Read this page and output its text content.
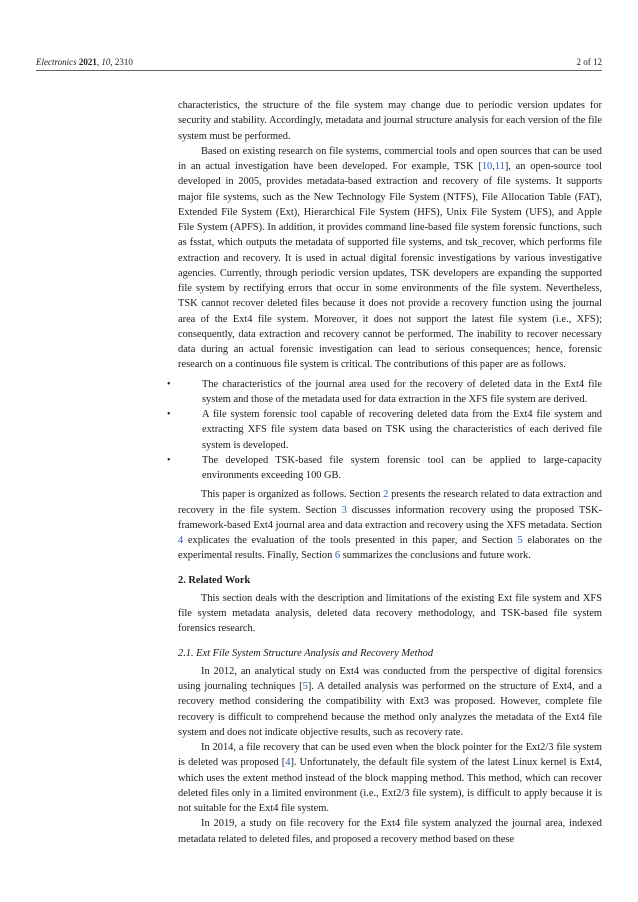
Electronics 2021, 10, 2310	2 of 12

characteristics, the structure of the file system may change due to periodic version updates for security and stability. Accordingly, metadata and journal structure analysis for each version of the file system must be performed.

Based on existing research on file systems, commercial tools and open sources that can be used in an actual investigation have been developed. For example, TSK [10,11], an open-source tool developed in 2005, provides metadata-based extraction and recovery of file systems. It supports major file systems, such as the New Technology File System (NTFS), File Allocation Table (FAT), Extended File System (Ext), Hierarchical File System (HFS), Unix File System (UFS), and Apple File System (APFS). In addition, it provides command line-based file system forensic functions, such as fsstat, which outputs the metadata of supported file systems, and tsk_recover, which performs file extraction and recovery. It is used in actual digital forensic investigations by various investigative agencies. Currently, through periodic version updates, TSK developers are expanding the supported file system by rectifying errors that occur in some environments of the file system. Nevertheless, TSK cannot recover deleted files because it does not provide a recovery function using the journal area of the Ext4 file system. Moreover, it does not support the latest file system (i.e., XFS); consequently, data extraction and recovery cannot be performed. The inability to recover necessary data during an actual forensic investigation can lead to serious consequences; hence, forensic research on a continuous file system is critical. The contributions of this paper are as follows.

•	The characteristics of the journal area used for the recovery of deleted data in the Ext4 file system and those of the metadata used for data extraction in the XFS file system are derived.
•	A file system forensic tool capable of recovering deleted data from the Ext4 file system and extracting XFS file system data based on TSK using the characteristics of each derived file system is developed.
•	The developed TSK-based file system forensic tool can be applied to large-capacity environments exceeding 100 GB.

This paper is organized as follows. Section 2 presents the research related to data extraction and recovery in the file system. Section 3 discusses information recovery using the proposed TSK-framework-based Ext4 journal area and data extraction and recovery using the XFS metadata. Section 4 explicates the evaluation of the tools presented in this paper, and Section 5 elaborates on the experimental results. Finally, Section 6 summarizes the conclusions and future work.

2. Related Work

This section deals with the description and limitations of the existing Ext file system and XFS file system metadata analysis, deleted data recovery methodology, and TSK-based file system forensics research.

2.1. Ext File System Structure Analysis and Recovery Method

In 2012, an analytical study on Ext4 was conducted from the perspective of digital forensics using journaling techniques [5]. A detailed analysis was performed on the structure of Ext4, and a recovery method considering the compatibility with Ext3 was proposed. However, complete file recovery is difficult to comprehend because the method only analyzes the metadata of the Ext4 file system and does not indicate objective results, such as recovery rate.

In 2014, a file recovery that can be used even when the block pointer for the Ext2/3 file system is deleted was proposed [4]. Unfortunately, the default file system of the latest Linux kernel is Ext4, which uses the extent method instead of the block mapping method. This method, which can recover deleted files only in a limited environment (i.e., Ext2/3 file system), is difficult to apply because it is not suitable for the Ext4 file system.

In 2019, a study on file recovery for the Ext4 file system analyzed the journal area, indexed metadata related to deleted files, and proposed a recovery method based on these
